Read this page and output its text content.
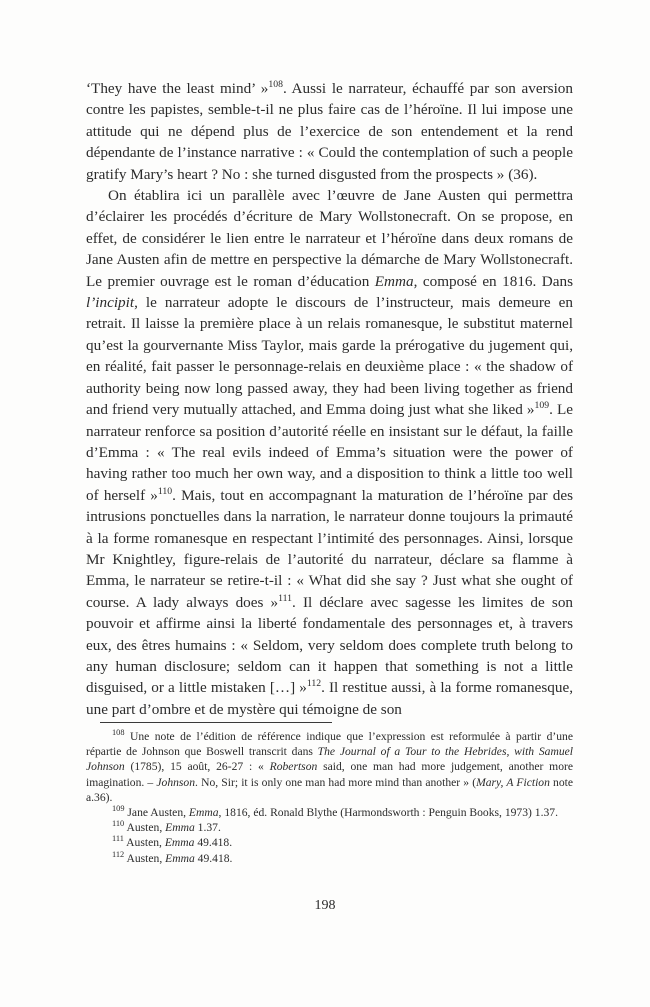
‘They have the least mind’ »$^{108}$. Aussi le narrateur, échauffé par son aversion contre les papistes, semble-t-il ne plus faire cas de l’héroïne. Il lui impose une attitude qui ne dépend plus de l’exercice de son entendement et la rend dépendante de l’instance narrative : « Could the contemplation of such a people gratify Mary’s heart ? No : she turned disgusted from the prospects » (36).

On établira ici un parallèle avec l’œuvre de Jane Austen qui permettra d’éclairer les procédés d’écriture de Mary Wollstonecraft. On se propose, en effet, de considérer le lien entre le narrateur et l’héroïne dans deux romans de Jane Austen afin de mettre en perspective la démarche de Mary Wollstonecraft. Le premier ouvrage est le roman d’éducation Emma, composé en 1816. Dans l’incipit, le narrateur adopte le discours de l’instructeur, mais demeure en retrait. Il laisse la première place à un relais romanesque, le substitut maternel qu’est la gourvernante Miss Taylor, mais garde la prérogative du jugement qui, en réalité, fait passer le personnage-relais en deuxième place : « the shadow of authority being now long passed away, they had been living together as friend and friend very mutually attached, and Emma doing just what she liked »$^{109}$. Le narrateur renforce sa position d’autorité réelle en insistant sur le défaut, la faille d’Emma : « The real evils indeed of Emma’s situation were the power of having rather too much her own way, and a disposition to think a little too well of herself »$^{110}$. Mais, tout en accompagnant la maturation de l’héroïne par des intrusions ponctuelles dans la narration, le narrateur donne toujours la primauté à la forme romanesque en respectant l’intimité des personnages. Ainsi, lorsque Mr Knightley, figure-relais de l’autorité du narrateur, déclare sa flamme à Emma, le narrateur se retire-t-il : « What did she say ? Just what she ought of course. A lady always does »$^{111}$. Il déclare avec sagesse les limites de son pouvoir et affirme ainsi la liberté fondamentale des personnages et, à travers eux, des êtres humains : « Seldom, very seldom does complete truth belong to any human disclosure; seldom can it happen that something is not a little disguised, or a little mistaken […] »$^{112}$. Il restitue aussi, à la forme romanesque, une part d’ombre et de mystère qui témoigne de son

$^{108}$ Une note de l’édition de référence indique que l’expression est reformulée à partir d’une répartie de Johnson que Boswell transcrit dans The Journal of a Tour to the Hebrides, with Samuel Johnson (1785), 15 août, 26-27 : « Robertson said, one man had more judgement, another more imagination. – Johnson. No, Sir; it is only one man had more mind than another » (Mary, A Fiction note a.36).

$^{109}$ Jane Austen, Emma, 1816, éd. Ronald Blythe (Harmondsworth : Penguin Books, 1973) 1.37.

$^{110}$ Austen, Emma 1.37.

$^{111}$ Austen, Emma 49.418.

$^{112}$ Austen, Emma 49.418.

198
